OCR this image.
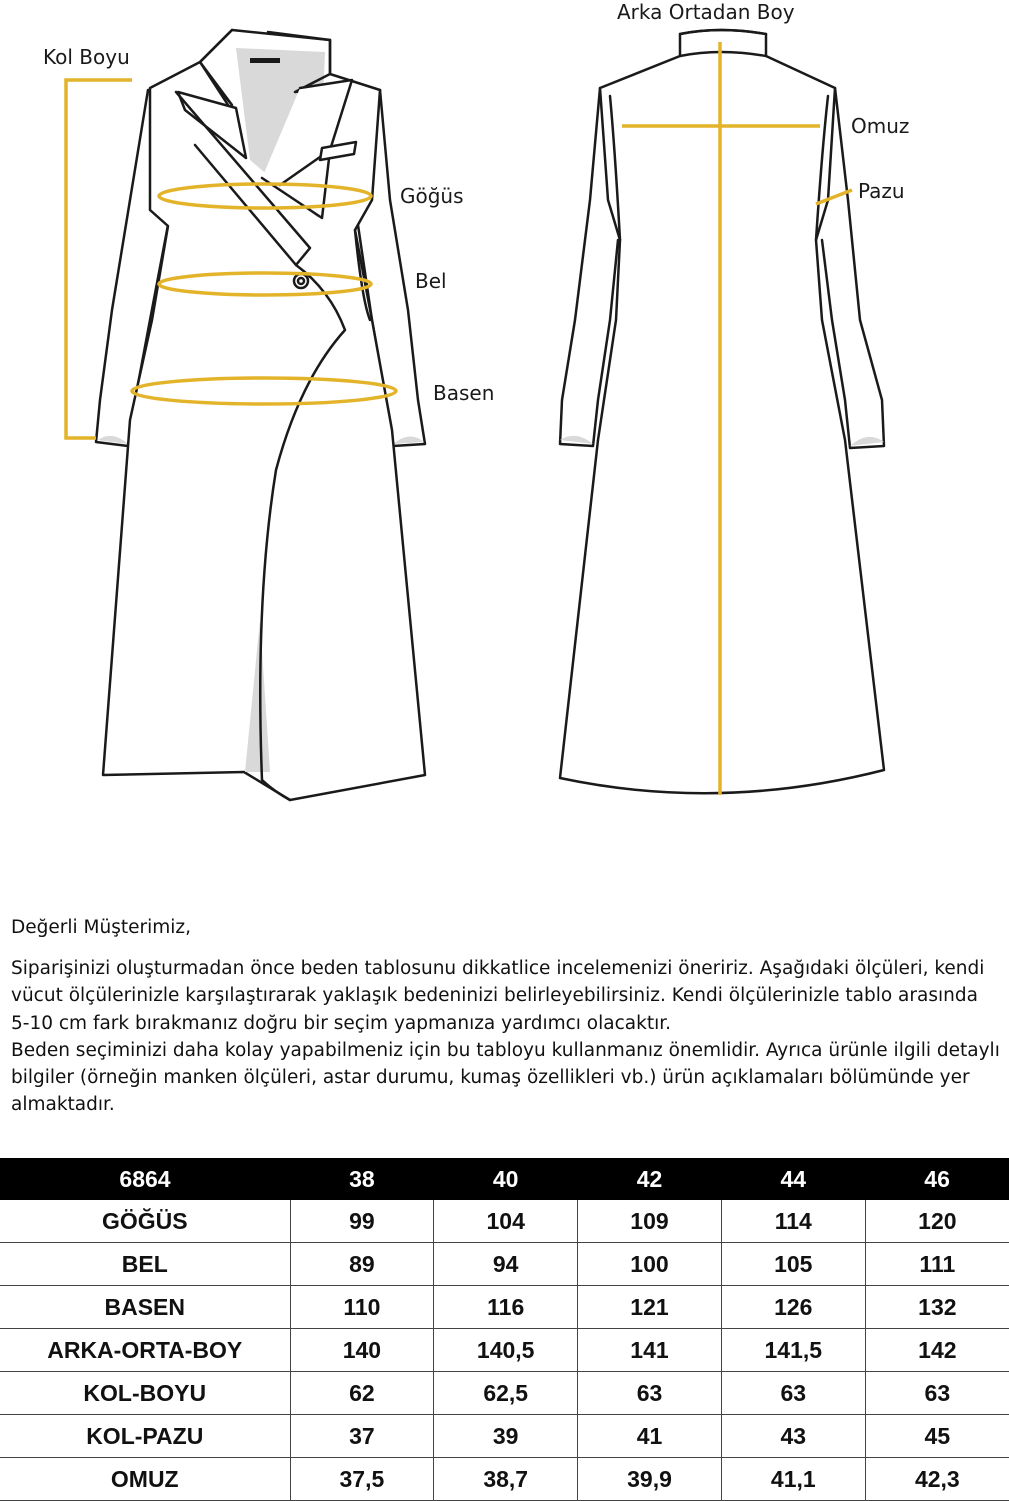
Kol Boyu
Göğüs
Bel
Basen
Arka Ortadan Boy
Omuz
Pazu

Değerli Müşterimiz,

Siparişinizi oluşturmadan önce beden tablosunu dikkatlice incelemenizi öneririz. Aşağıdaki ölçüleri, kendi vücut ölçülerinizle karşılaştırarak yaklaşık bedeninizi belirleyebilirsiniz. Kendi ölçülerinizle tablo arasında 5-10 cm fark bırakmanız doğru bir seçim yapmanıza yardımcı olacaktır.

Beden seçiminizi daha kolay yapabilmeniz için bu tabloyu kullanmanız önemlidir. Ayrıca ürünle ilgili detaylı bilgiler (örneğin manken ölçüleri, astar durumu, kumaş özellikleri vb.) ürün açıklamaları bölümünde yer almaktadır.

6864	38	40	42	44	46
GÖĞÜS	99	104	109	114	120
BEL	89	94	100	105	111
BASEN	110	116	121	126	132
ARKA-ORTA-BOY	140	140,5	141	141,5	142
KOL-BOYU	62	62,5	63	63	63
KOL-PAZU	37	39	41	43	45
OMUZ	37,5	38,7	39,9	41,1	42,3
